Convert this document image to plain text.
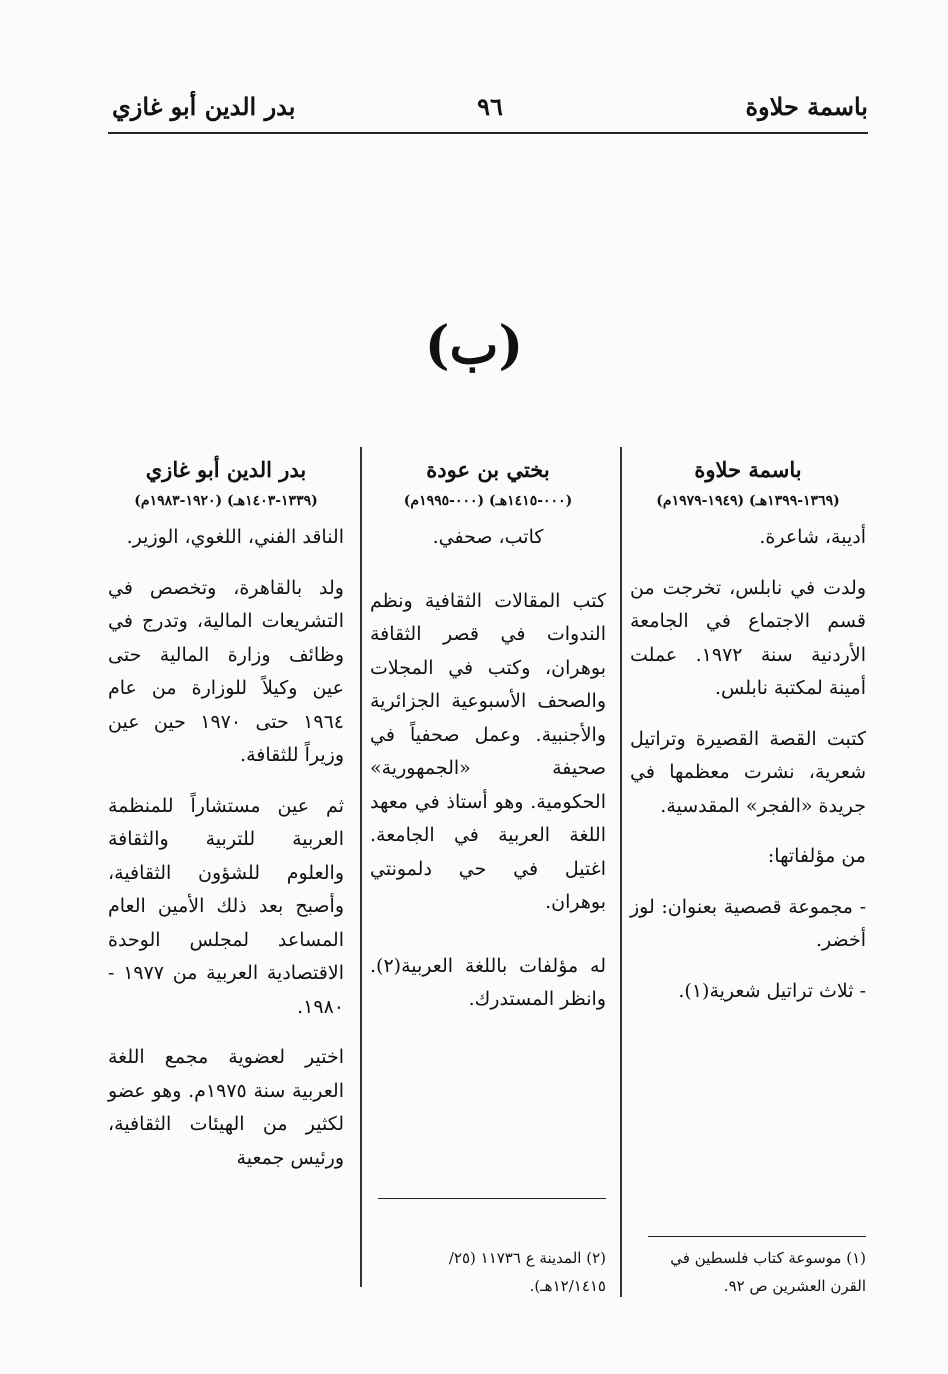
باسمة حلاوة
٩٦
بدر الدين أبو غازي
(ب)
باسمة حلاوة
(١٣٦٩-١٣٩٩هـ) (١٩٤٩-١٩٧٩م)

أديبة، شاعرة.

ولدت في نابلس، تخرجت من قسم الاجتماع في الجامعة الأردنية سنة ١٩٧٢. عملت أمينة لمكتبة نابلس.

كتبت القصة القصيرة وتراتيل شعرية، نشرت معظمها في جريدة «الفجر» المقدسية.

من مؤلفاتها:

- مجموعة قصصية بعنوان: لوز أخضر.

- ثلاث تراتيل شعرية(١).

بختي بن عودة
(٠٠٠-١٤١٥هـ) (٠٠٠-١٩٩٥م)

كاتب، صحفي.

كتب المقالات الثقافية ونظم الندوات في قصر الثقافة بوهران، وكتب في المجلات والصحف الأسبوعية الجزائرية والأجنبية. وعمل صحفياً في صحيفة «الجمهورية» الحكومية. وهو أستاذ في معهد اللغة العربية في الجامعة. اغتيل في حي دلمونتي بوهران.

له مؤلفات باللغة العربية(٢). وانظر المستدرك.

بدر الدين أبو غازي
(١٣٣٩-١٤٠٣هـ) (١٩٢٠-١٩٨٣م)

الناقد الفني، اللغوي، الوزير.

ولد بالقاهرة، وتخصص في التشريعات المالية، وتدرج في وظائف وزارة المالية حتى عين وكيلاً للوزارة من عام ١٩٦٤ حتى ١٩٧٠ حين عين وزيراً للثقافة.

ثم عين مستشاراً للمنظمة العربية للتربية والثقافة والعلوم للشؤون الثقافية، وأصبح بعد ذلك الأمين العام المساعد لمجلس الوحدة الاقتصادية العربية من ١٩٧٧ - ١٩٨٠.

اختير لعضوية مجمع اللغة العربية سنة ١٩٧٥م. وهو عضو لكثير من الهيئات الثقافية، ورئيس جمعية

(١) موسوعة كتاب فلسطين في القرن العشرين ص ٩٢.
(٢) المدينة ع ١١٧٣٦ (٢٥/ ١٢/١٤١٥هـ).
